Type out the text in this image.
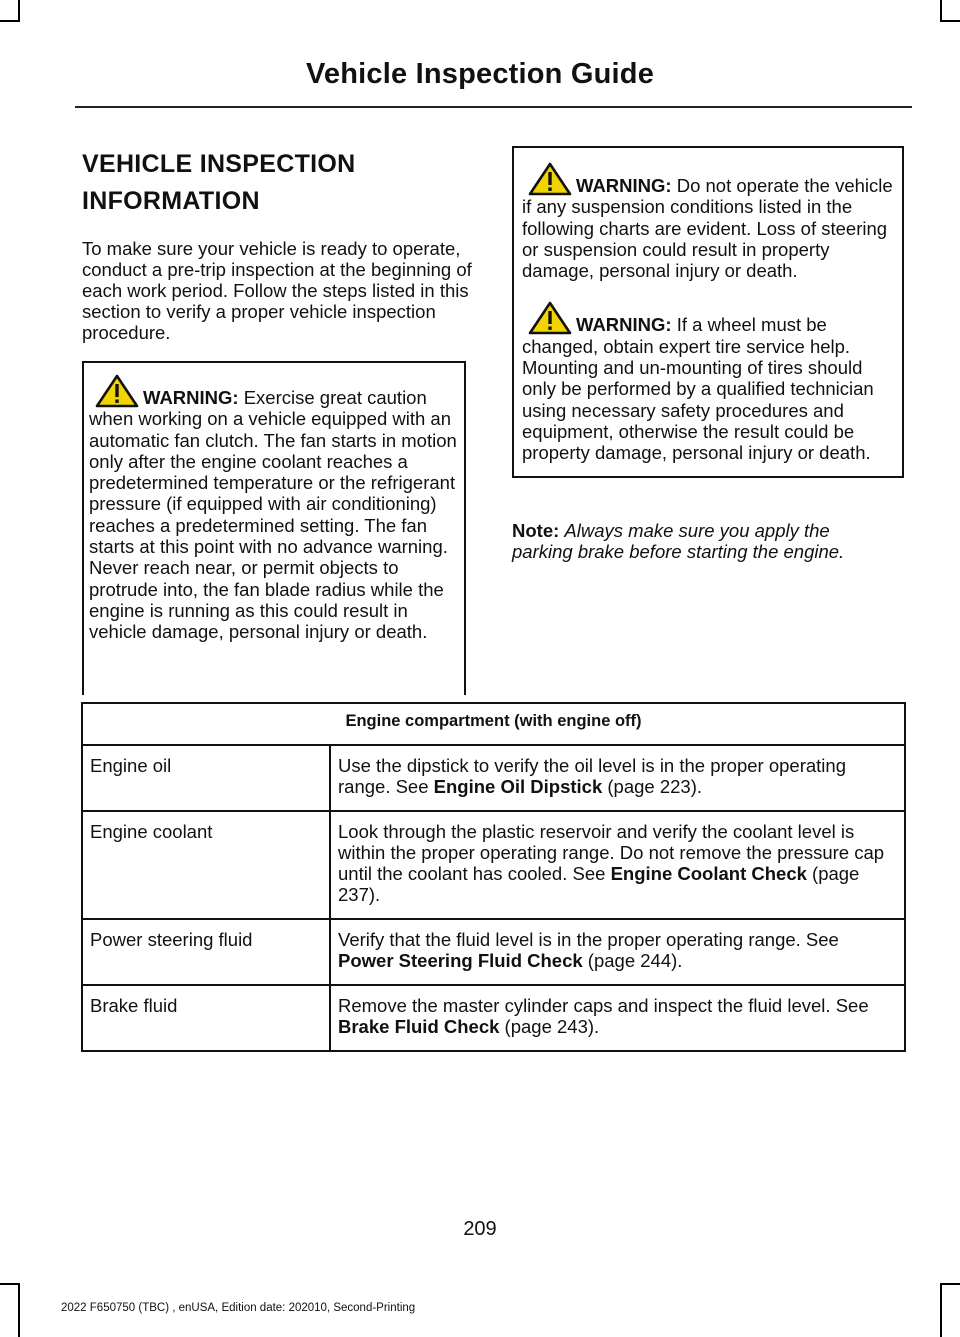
Vehicle Inspection Guide
VEHICLE INSPECTION INFORMATION

To make sure your vehicle is ready to operate, conduct a pre-trip inspection at the beginning of each work period. Follow the steps listed in this section to verify a proper vehicle inspection procedure.

WARNING: Exercise great caution when working on a vehicle equipped with an automatic fan clutch. The fan starts in motion only after the engine coolant reaches a predetermined temperature or the refrigerant pressure (if equipped with air conditioning) reaches a predetermined setting. The fan starts at this point with no advance warning. Never reach near, or permit objects to protrude into, the fan blade radius while the engine is running as this could result in vehicle damage, personal injury or death.

WARNING: Do not operate the vehicle if any suspension conditions listed in the following charts are evident. Loss of steering or suspension could result in property damage, personal injury or death.

WARNING: If a wheel must be changed, obtain expert tire service help. Mounting and un-mounting of tires should only be performed by a qualified technician using necessary safety procedures and equipment, otherwise the result could be property damage, personal injury or death.

Note: Always make sure you apply the parking brake before starting the engine.

Engine compartment (with engine off)	
Engine oil	Use the dipstick to verify the oil level is in the proper operating range. See Engine Oil Dipstick (page 223).
Engine coolant	Look through the plastic reservoir and verify the coolant level is within the proper operating range. Do not remove the pressure cap until the coolant has cooled. See Engine Coolant Check (page 237).
Power steering fluid	Verify that the fluid level is in the proper operating range. See Power Steering Fluid Check (page 244).
Brake fluid	Remove the master cylinder caps and inspect the fluid level. See Brake Fluid Check (page 243).
209
2022 F650750 (TBC) , enUSA, Edition date: 202010, Second-Printing
